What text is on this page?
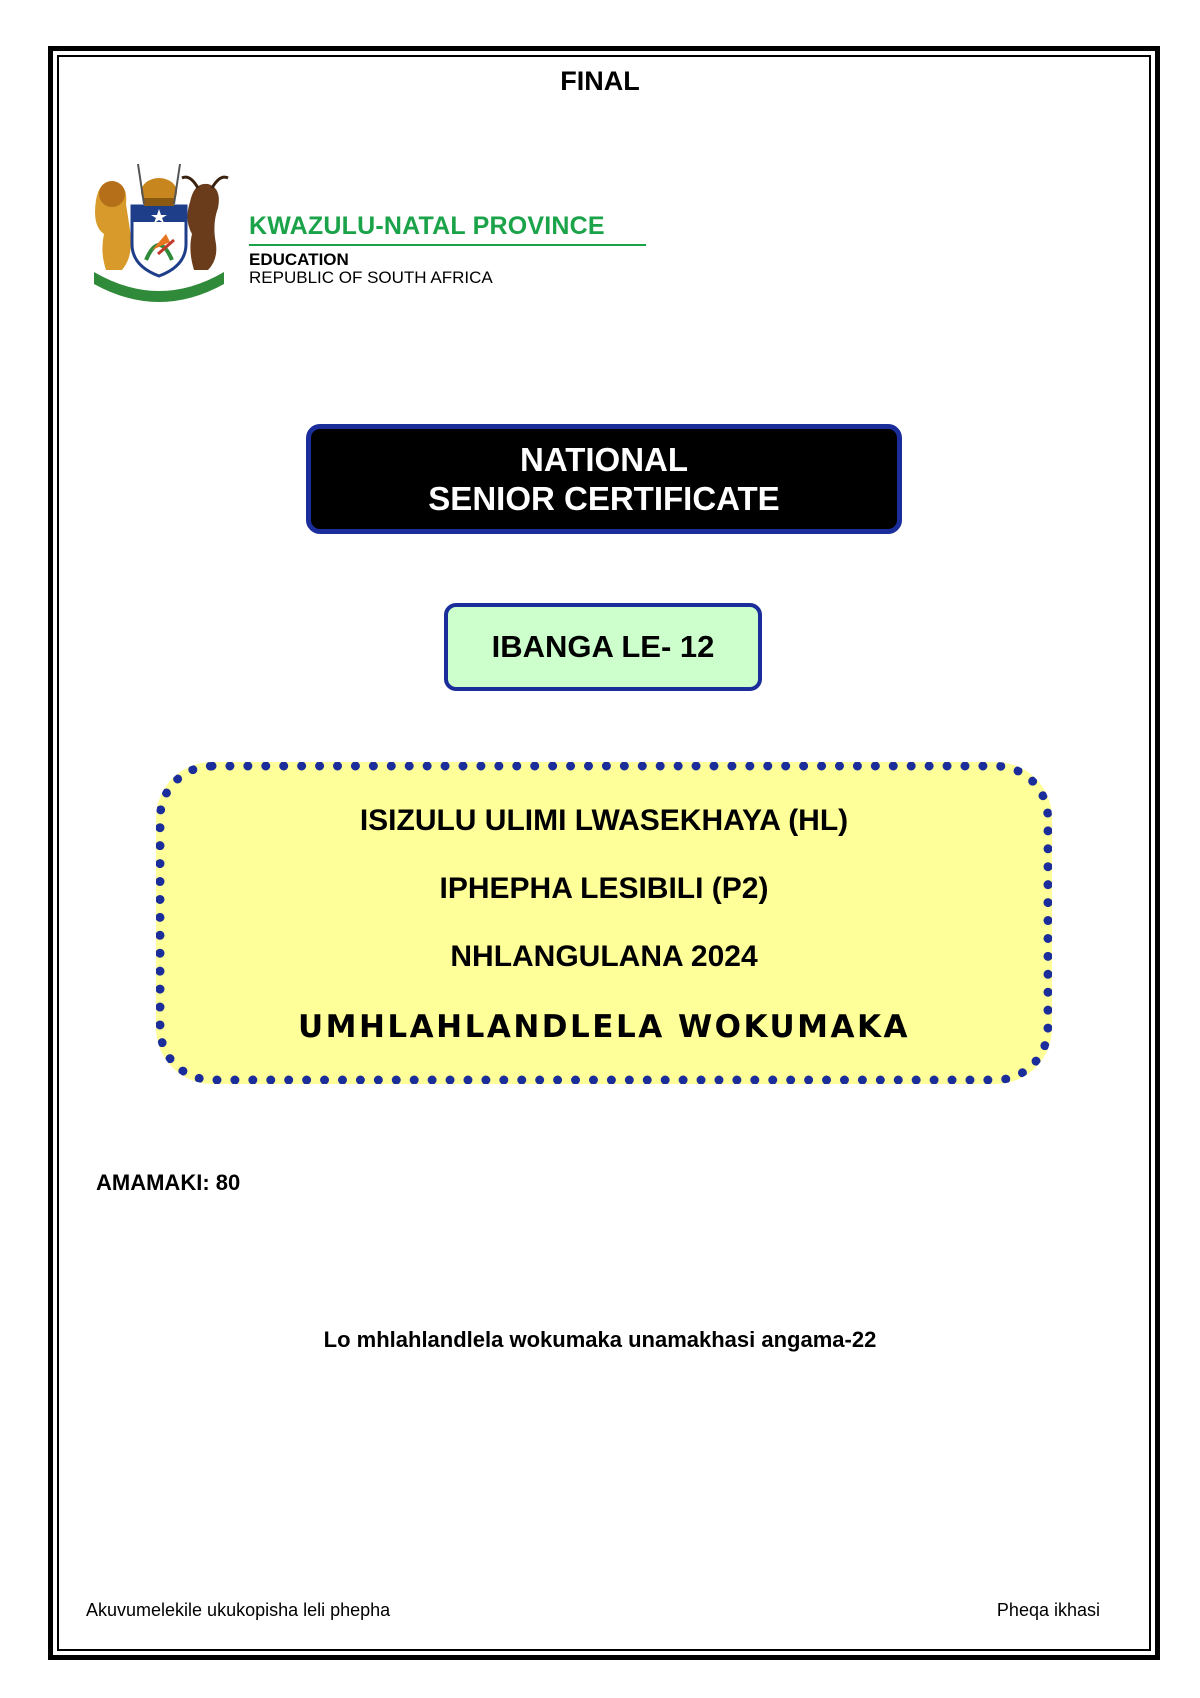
FINAL
KWAZULU-NATAL PROVINCE
EDUCATION
REPUBLIC OF SOUTH AFRICA
NATIONAL
SENIOR CERTIFICATE
IBANGA LE- 12
ISIZULU ULIMI LWASEKHAYA (HL)
IPHEPHA LESIBILI (P2)
NHLANGULANA 2024
UMHLAHLANDLELA WOKUMAKA
AMAMAKI: 80
Lo mhlahlandlela wokumaka unamakhasi angama-22
Akuvumelekile ukukopisha leli phepha	Pheqa ikhasi
